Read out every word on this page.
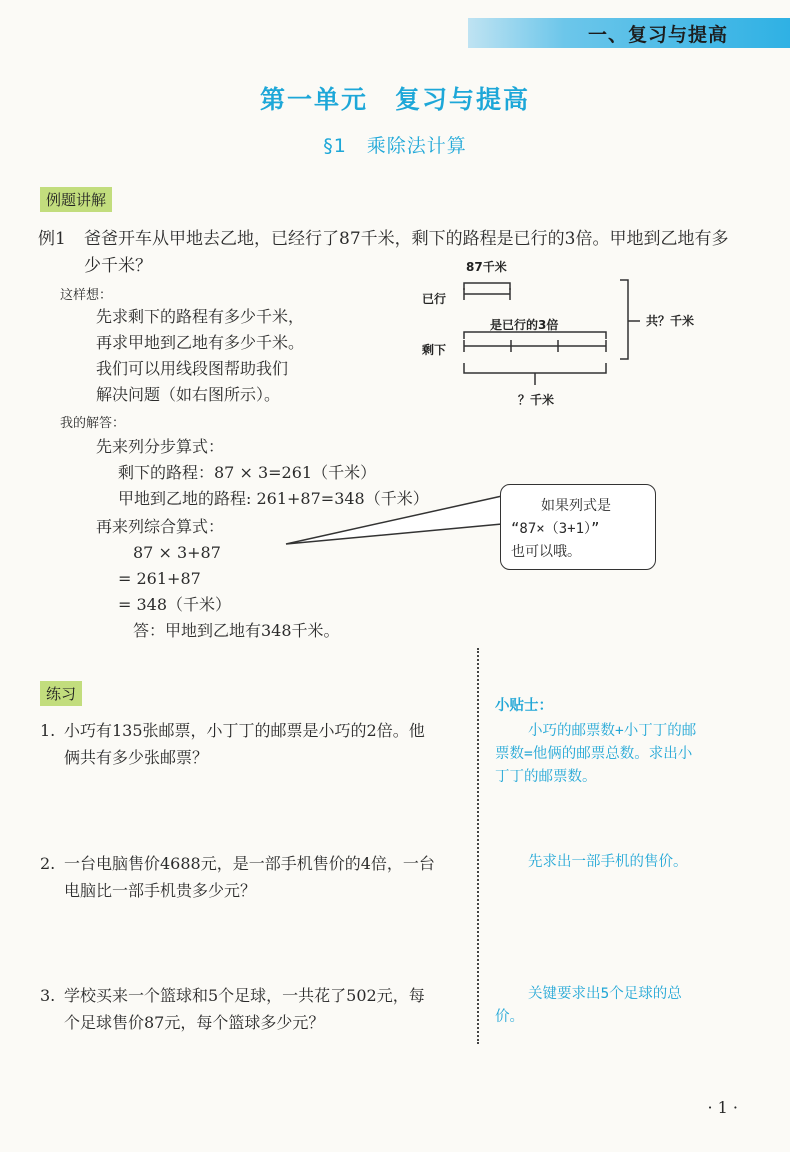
一、复习与提高
第一单元　复习与提高
§1　乘除法计算
例题讲解
例1 爸爸开车从甲地去乙地，已经行了87千米，剩下的路程是已行的3倍。甲地到乙地有多
少千米？
这样想：
先求剩下的路程有多少千米，
再求甲地到乙地有多少千米。
我们可以用线段图帮助我们
解决问题（如右图所示）。
我的解答：
先来列分步算式：
剩下的路程：87 × 3=261（千米）
甲地到乙地的路程: 261+87=348（千米）
再来列综合算式：
87 × 3+87
= 261+87
= 348（千米）
答：甲地到乙地有348千米。
87千米
已行
是已行的3倍
剩下
？千米
共？千米
如果列式是
“87×（3+1）”
也可以哦。
练习
1. 小巧有135张邮票，小丁丁的邮票是小巧的2倍。他
俩共有多少张邮票？
2. 一台电脑售价4688元，是一部手机售价的4倍，一台
电脑比一部手机贵多少元？
3. 学校买来一个篮球和5个足球，一共花了502元，每
个足球售价87元，每个篮球多少元？
小贴士：
小巧的邮票数+小丁丁的邮
票数=他俩的邮票总数。求出小
丁丁的邮票数。
先求出一部手机的售价。
关键要求出5个足球的总
价。
· 1 ·
